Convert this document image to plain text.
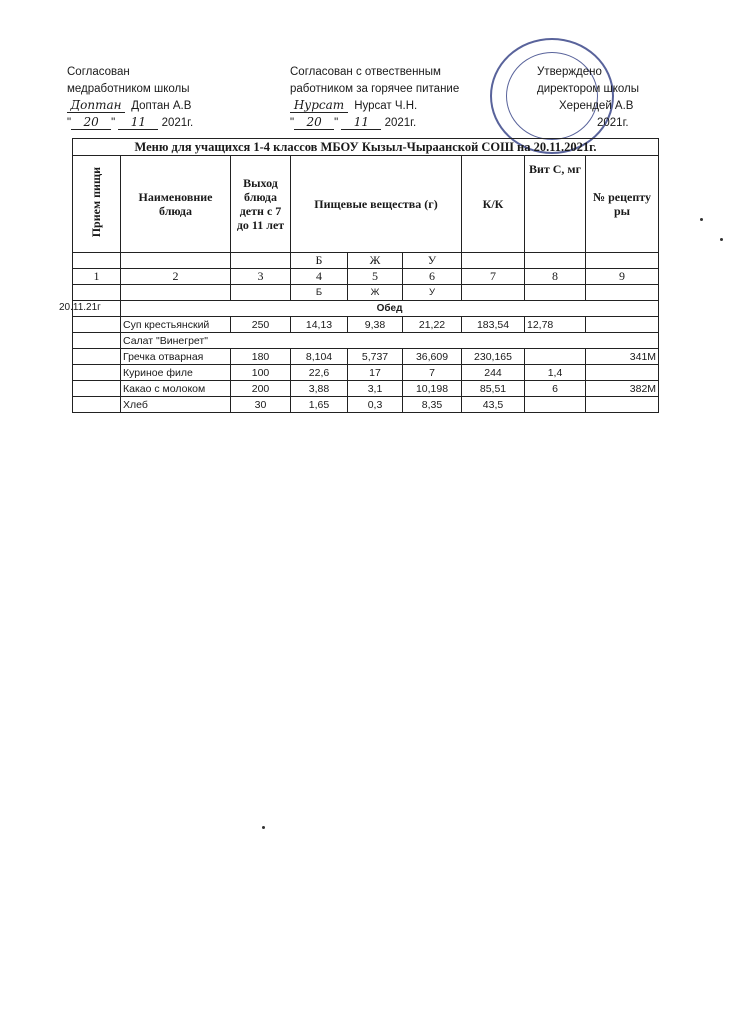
Согласован
медработником школы
Доптан Доптан А.В
" 20 " 11 2021г.
Согласован с отвественным
работником за горячее питание
Нурсат Нурсат Ч.Н.
" 20 " 11 2021г.
Утверждено
директором школы
Херендей А.В
2021г.
Меню для учащихся 1-4 классов МБОУ Кызыл-Чыраанской СОШ на 20.11.2021г.								
Прием пищи	Наименовние блюда	Выход блюда детн с 7 до 11 лет	Пищевые вещества (г)			К/К	Вит С, мг	№ рецепту ры
			Б	Ж	У			
1	2	3	4	5	6	7	8	9
			Б	Ж	У			

20.11.21г	Обед							
	Суп крестьянский	250	14,13	9,38	21,22	183,54	12,78	
	Салат "Винегрет"							
	Гречка отварная	180	8,104	5,737	36,609	230,165		341М
	Куриное филе	100	22,6	17	7	244	1,4	
	Какао с молоком	200	3,88	3,1	10,198	85,51	6	382М
	Хлеб	30	1,65	0,3	8,35	43,5		
